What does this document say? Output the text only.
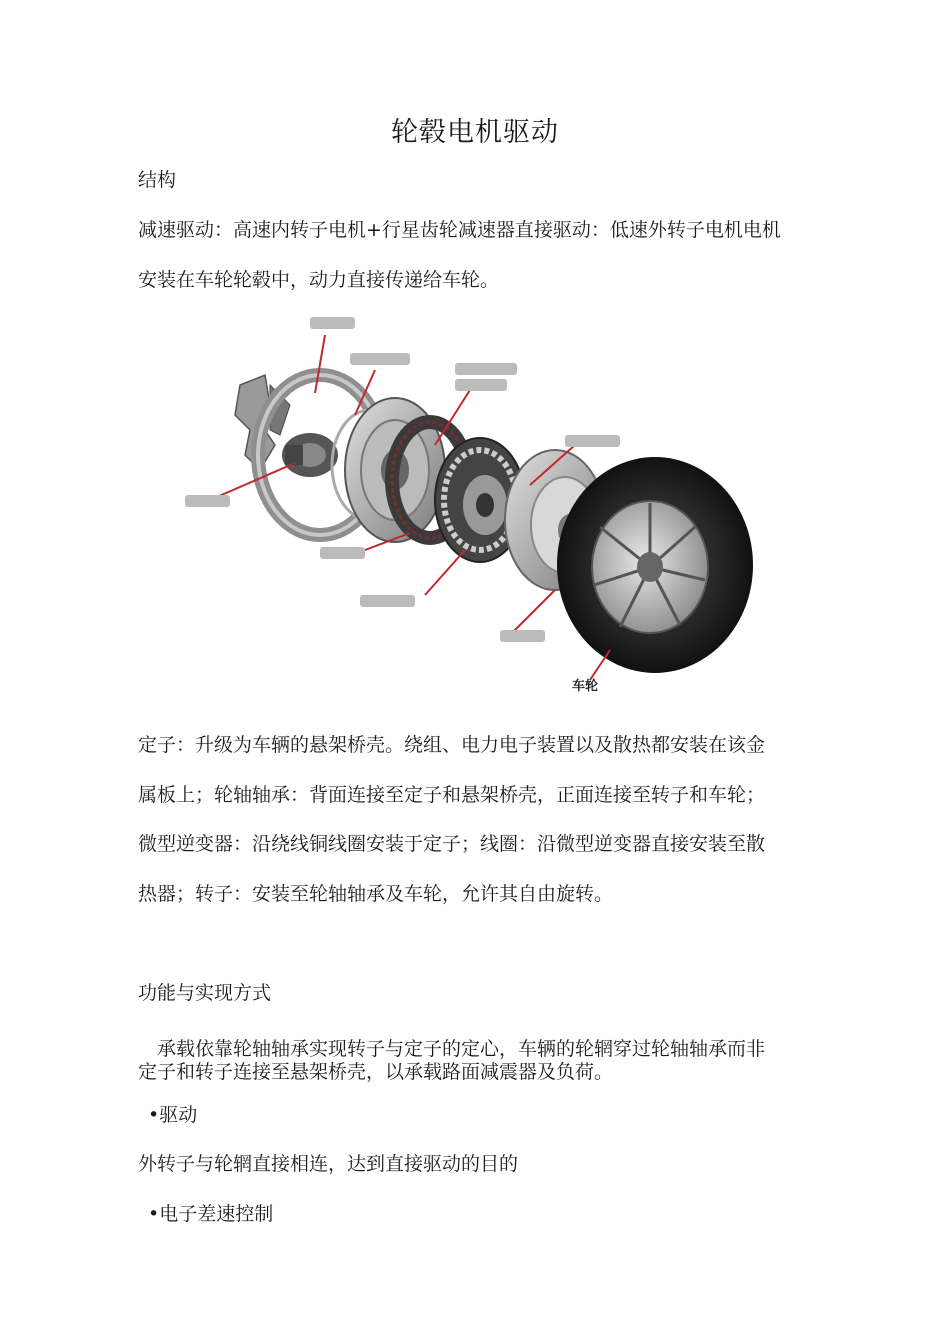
轮毂电机驱动
结构
减速驱动：高速内转子电机+行星齿轮减速器直接驱动：低速外转子电机电机
安装在车轮轮毂中，动力直接传递给车轮。
车轮
定子：升级为车辆的悬架桥壳。绕组、电力电子装置以及散热都安装在该金
属板上；轮轴轴承：背面连接至定子和悬架桥壳，正面连接至转子和车轮；
微型逆变器：沿绕线铜线圈安装于定子；线圈：沿微型逆变器直接安装至散
热器；转子：安装至轮轴轴承及车轮，允许其自由旋转。
功能与实现方式
　承载依靠轮轴轴承实现转子与定子的定心，车辆的轮辋穿过轮轴轴承而非
定子和转子连接至悬架桥壳，以承载路面减震器及负荷。
•驱动
外转子与轮辋直接相连，达到直接驱动的目的
•电子差速控制
